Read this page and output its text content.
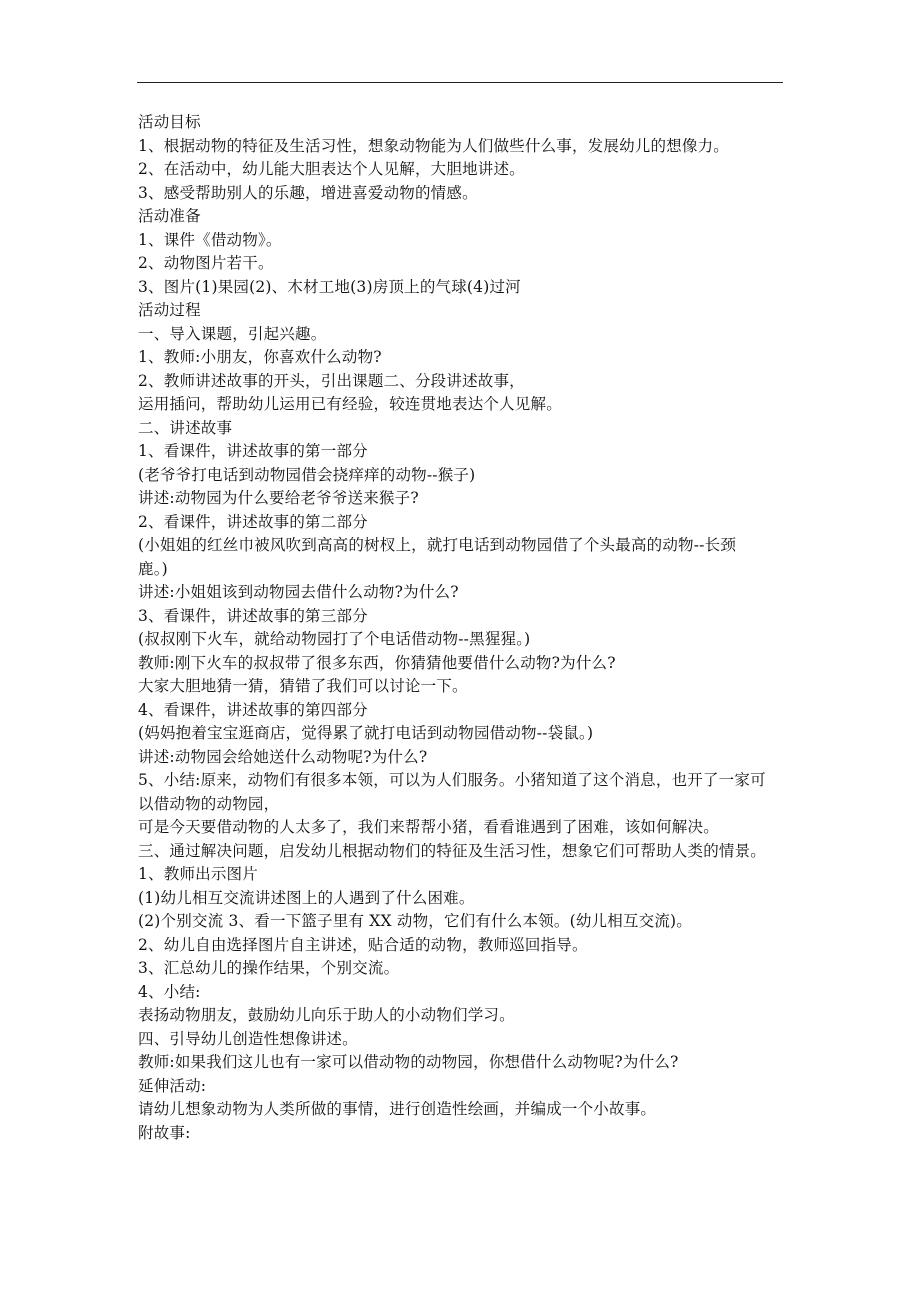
活动目标
1、根据动物的特征及生活习性，想象动物能为人们做些什么事，发展幼儿的想像力。
2、在活动中，幼儿能大胆表达个人见解，大胆地讲述。
3、感受帮助别人的乐趣，增进喜爱动物的情感。
活动准备
1、课件《借动物》。
2、动物图片若干。
3、图片(1)果园(2)、木材工地(3)房顶上的气球(4)过河
活动过程
一、导入课题，引起兴趣。
1、教师:小朋友，你喜欢什么动物?
2、教师讲述故事的开头，引出课题二、分段讲述故事，
运用插问，帮助幼儿运用已有经验，较连贯地表达个人见解。
二、讲述故事
1、看课件，讲述故事的第一部分
(老爷爷打电话到动物园借会挠痒痒的动物--猴子)
讲述:动物园为什么要给老爷爷送来猴子?
2、看课件，讲述故事的第二部分
(小姐姐的红丝巾被风吹到高高的树杈上，就打电话到动物园借了个头最高的动物--长颈
鹿。)
讲述:小姐姐该到动物园去借什么动物?为什么?
3、看课件，讲述故事的第三部分
(叔叔刚下火车，就给动物园打了个电话借动物--黑猩猩。)
教师:刚下火车的叔叔带了很多东西，你猜猜他要借什么动物?为什么?
大家大胆地猜一猜，猜错了我们可以讨论一下。
4、看课件，讲述故事的第四部分
(妈妈抱着宝宝逛商店，觉得累了就打电话到动物园借动物--袋鼠。)
讲述:动物园会给她送什么动物呢?为什么?
5、小结:原来，动物们有很多本领，可以为人们服务。小猪知道了这个消息，也开了一家可
以借动物的动物园，
可是今天要借动物的人太多了，我们来帮帮小猪，看看谁遇到了困难，该如何解决。
三、通过解决问题，启发幼儿根据动物们的特征及生活习性，想象它们可帮助人类的情景。
1、教师出示图片
(1)幼儿相互交流讲述图上的人遇到了什么困难。
(2)个别交流 3、看一下篮子里有 XX 动物，它们有什么本领。(幼儿相互交流)。
2、幼儿自由选择图片自主讲述，贴合适的动物，教师巡回指导。
3、汇总幼儿的操作结果，个别交流。
4、小结:
表扬动物朋友，鼓励幼儿向乐于助人的小动物们学习。
四、引导幼儿创造性想像讲述。
教师:如果我们这儿也有一家可以借动物的动物园，你想借什么动物呢?为什么?
延伸活动:
请幼儿想象动物为人类所做的事情，进行创造性绘画，并编成一个小故事。
附故事:
